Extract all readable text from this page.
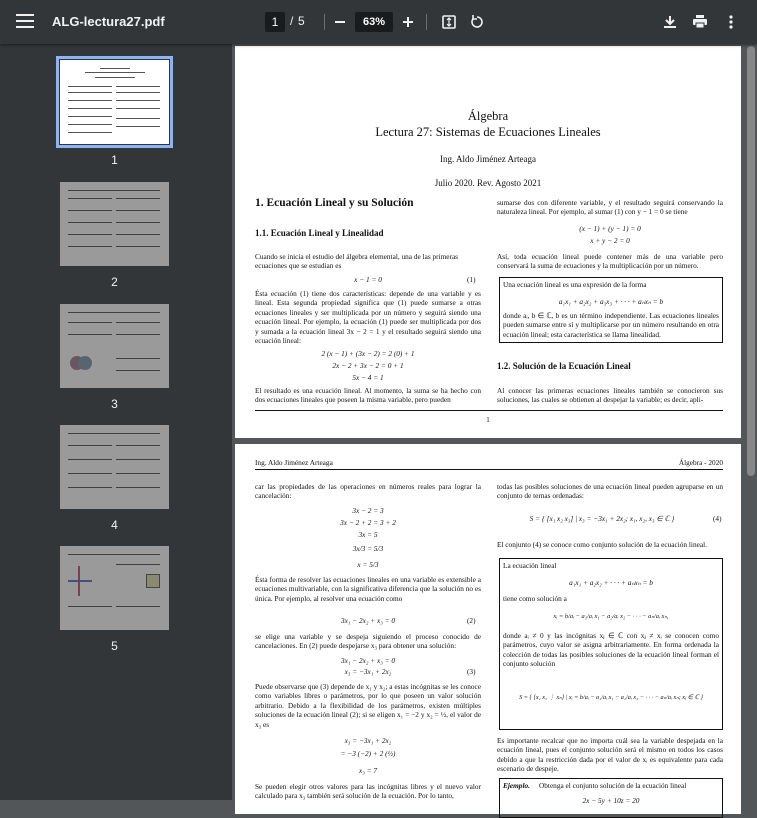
ALG-lectura27.pdf	1 / 5	63%
1
2
3
4
5
Álgebra
Lectura 27: Sistemas de Ecuaciones Lineales
Ing. Aldo Jiménez Arteaga
Julio 2020. Rev. Agosto 2021
1. Ecuación Lineal y su Solución
1.1. Ecuación Lineal y Linealidad
Cuando se inicia el estudio del álgebra elemental, una de las primeras ecuaciones que se estudian es
x − 1 = 0	(1)
Ésta ecuación (1) tiene dos características: depende de una variable y es lineal. Esta segunda propiedad significa que (1) puede sumarse a otras ecuaciones lineales y ser multiplicada por un número y seguirá siendo una ecuación lineal. Por ejemplo, la ecuación (1) puede ser multiplicada por dos y sumada a la ecuación lineal 3x − 2 = 1 y el resultado seguirá siendo una ecuación lineal:
2 (x − 1) + (3x − 2) = 2 (0) + 1
2x − 2 + 3x − 2 = 0 + 1
5x − 4 = 1
El resultado es una ecuación lineal. Al momento, la suma se ha hecho con dos ecuaciones lineales que poseen la misma variable, pero pueden
sumarse dos con diferente variable, y el resultado seguirá conservando la naturaleza lineal. Por ejemplo, al sumar (1) con y − 1 = 0 se tiene
(x − 1) + (y − 1) = 0
x + y − 2 = 0
Así, toda ecuación lineal puede contener más de una variable pero conservará la suma de ecuaciones y la multiplicación por un número.
Una ecuación lineal es una expresión de la forma
a₁x₁ + a₂x₂ + a₃x₃ + · · · + aₙxₙ = b
donde aᵢ, b ∈ ℂ, b es un término independiente. Las ecuaciones lineales pueden sumarse entre sí y multiplicarse por un número resultando en otra ecuación lineal; esta característica se llama linealidad.
1.2. Solución de la Ecuación Lineal
Al conocer las primeras ecuaciones lineales también se conocieron sus soluciones, las cuales se obtienen al despejar la variable; es decir, apli-
1
Ing. Aldo Jiménez Arteaga	Álgebra - 2020
car las propiedades de las operaciones en números reales para lograr la cancelación:
3x − 2 = 3
3x − 2 + 2 = 3 + 2
3x = 5
3x/3 = 5/3
x = 5/3
Ésta forma de resolver las ecuaciones lineales en una variable es extensible a ecuaciones multivariable, con la significativa diferencia que la solución no es única. Por ejemplo, al resolver una ecuación como
3x₁ − 2x₂ + x₃ = 0	(2)
se elige una variable y se despeja siguiendo el proceso conocido de cancelaciones. En (2) puede despejarse x₃ para obtener una solución:
3x₁ − 2x₂ + x₃ = 0
x₃ = −3x₁ + 2x₂	(3)
Puede observarse que (3) depende de x₁ y x₂; a estas incógnitas se les conoce como variables libres o parámetros, por lo que poseen un valor solución arbitrario. Debido a la flexibilidad de los parámetros, existen múltiples soluciones de la ecuación lineal (2); si se eligen x₁ = −2 y x₂ = ½, el valor de x₃ es
x₃ = −3x₁ + 2x₂
= −3 (−2) + 2 (½)
x₃ = 7
Se pueden elegir otros valores para las incógnitas libres y el nuevo valor calculado para x₃ también será solución de la ecuación. Por lo tanto,
todas las posibles soluciones de una ecuación lineal pueden agruparse en un conjunto de ternas ordenadas:
S = { [x₁ x₂ x₃] | x₃ = −3x₁ + 2x₂; x₁, x₂, x₃ ∈ ℂ }	(4)
El conjunto (4) se conoce como conjunto solución de la ecuación lineal.
La ecuación lineal
a₁x₁ + a₂x₂ + · · · + aₙxₙ = b
tiene como solución a
xᵢ = b/aᵢ − a₁/aᵢ x₁ − a₂/aᵢ x₂ − · · · − aₙ/aᵢ xₙ,
donde aᵢ ≠ 0 y las incógnitas xⱼ ∈ ℂ con xⱼ ≠ xᵢ se conocen como parámetros, cuyo valor se asigna arbitrariamente. En forma ordenada la colección de todas las posibles soluciones de la ecuación lineal forman el conjunto solución
S = { [x₁ x₂ ⋮ xₙ] | xᵢ = b/aᵢ − a₁/aᵢ x₁ − a₂/aᵢ x₂ − · · · − aₙ/aᵢ xₙ; xⱼ ∈ ℂ }
Es importante recalcar que no importa cuál sea la variable despejada en la ecuación lineal, pues el conjunto solución será el mismo en todos los casos debido a que la restricción dada por el valor de xᵢ es equivalente para cada escenario de despeje.
Ejemplo. Obtenga el conjunto solución de la ecuación lineal
2x − 5y + 10z = 20
